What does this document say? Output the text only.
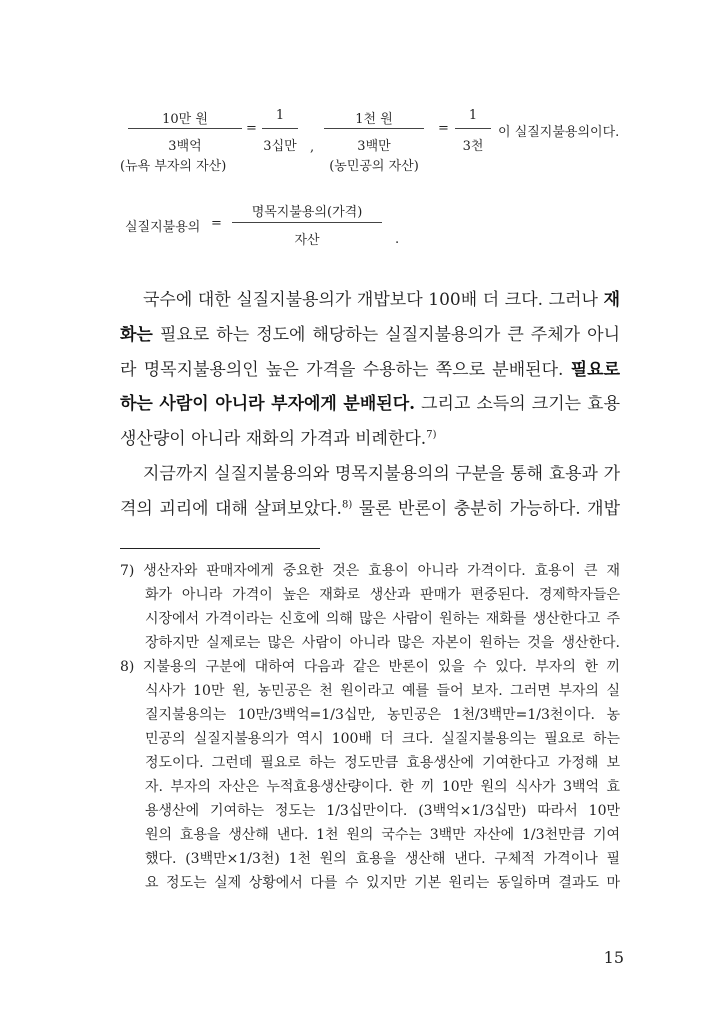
10만 원
3백억
(뉴욕 부자의 자산)
=
1
3십만	,
1천 원
3백만
(농민공의 자산)
=
1
3천
이 실질지불용의이다.
실질지불용의 =
명목지불용의(가격)
자산	.
국수에 대한 실질지불용의가 개밥보다 100배 더 크다. 그러나 재
화는 필요로 하는 정도에 해당하는 실질지불용의가 큰 주체가 아니
라 명목지불용의인 높은 가격을 수용하는 쪽으로 분배된다. 필요로
하는 사람이 아니라 부자에게 분배된다. 그리고 소득의 크기는 효용
생산량이 아니라 재화의 가격과 비례한다.$^{7)}$
지금까지 실질지불용의와 명목지불용의의 구분을 통해 효용과 가
격의 괴리에 대해 살펴보았다.$^{8)}$ 물론 반론이 충분히 가능하다. 개밥
7) 생산자와 판매자에게 중요한 것은 효용이 아니라 가격이다. 효용이 큰 재
화가 아니라 가격이 높은 재화로 생산과 판매가 편중된다. 경제학자들은
시장에서 가격이라는 신호에 의해 많은 사람이 원하는 재화를 생산한다고 주
장하지만 실제로는 많은 사람이 아니라 많은 자본이 원하는 것을 생산한다.
8) 지불용의 구분에 대하여 다음과 같은 반론이 있을 수 있다. 부자의 한 끼
식사가 10만 원, 농민공은 천 원이라고 예를 들어 보자. 그러면 부자의 실
질지불용의는 10만/3백억=1/3십만, 농민공은 1천/3백만=1/3천이다. 농
민공의 실질지불용의가 역시 100배 더 크다. 실질지불용의는 필요로 하는
정도이다. 그런데 필요로 하는 정도만큼 효용생산에 기여한다고 가정해 보
자. 부자의 자산은 누적효용생산량이다. 한 끼 10만 원의 식사가 3백억 효
용생산에 기여하는 정도는 1/3십만이다. (3백억×1/3십만) 따라서 10만
원의 효용을 생산해 낸다. 1천 원의 국수는 3백만 자산에 1/3천만큼 기여
했다. (3백만×1/3천) 1천 원의 효용을 생산해 낸다. 구체적 가격이나 필
요 정도는 실제 상황에서 다를 수 있지만 기본 원리는 동일하며 결과도 마
15
